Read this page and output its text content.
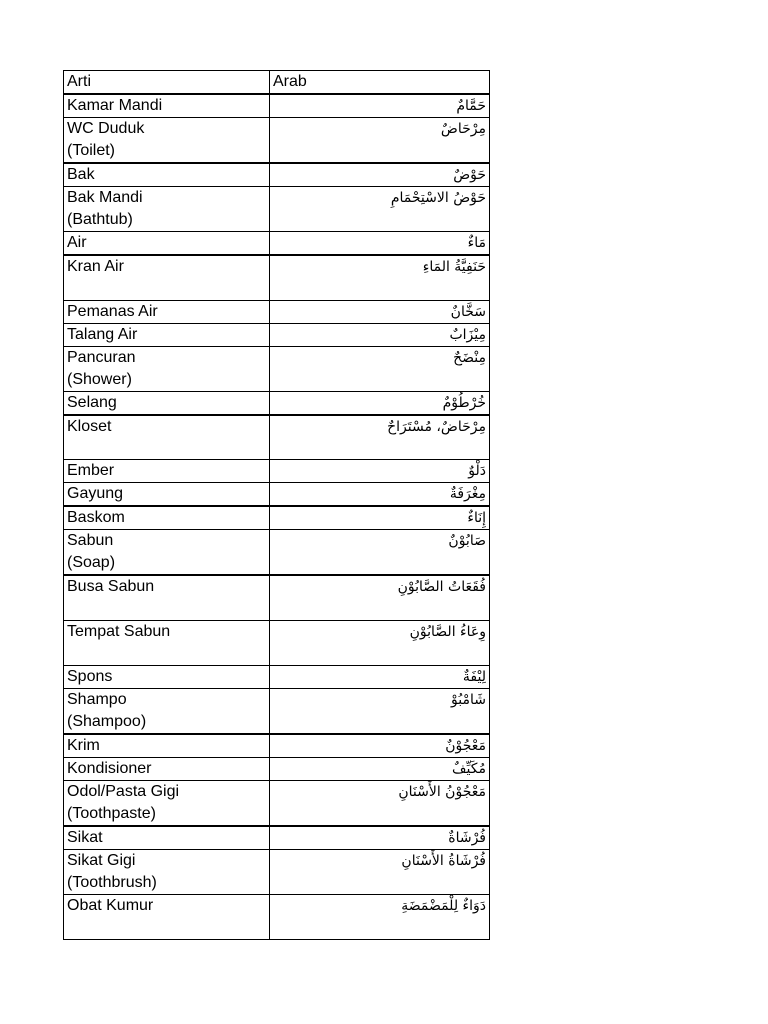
Arti	Arab

Kamar Mandi	حَمَّامٌ

WC Duduk
(Toilet)	مِرْحَاضٌ

Bak	حَوْضٌ

Bak Mandi
(Bathtub)	حَوْضُ الاسْتِحْمَامِ

Air	مَاءٌ

Kran Air	حَنَفِيَّةُ المَاءِ

Pemanas Air	سَخَّانٌ

Talang Air	مِيْزَابٌ

Pancuran
(Shower)	مِنْضَحٌ

Selang	خُرْطُوْمٌ

Kloset	مِرْحَاضٌ، مُسْتَرَاحٌ

Ember	دَلْوٌ

Gayung	مِغْرَفَةٌ

Baskom	إِنَاءٌ

Sabun
(Soap)	صَابُوْنٌ

Busa Sabun	فُقَعَاتُ الصَّابُوْنِ

Tempat Sabun	وِعَاءُ الصَّابُوْنِ

Spons	لِيْفَةٌ

Shampo
(Shampoo)	شَامْبُوْ

Krim	مَعْجُوْنٌ

Kondisioner	مُكَيِّفٌ

Odol/Pasta Gigi
(Toothpaste)	مَعْجُوْنُ الأَسْنَانِ

Sikat	فُرْشَاةٌ

Sikat Gigi
(Toothbrush)	فُرْشَاةُ الأَسْنَانِ

Obat Kumur	دَوَاءٌ لِلْمَضْمَضَةِ
